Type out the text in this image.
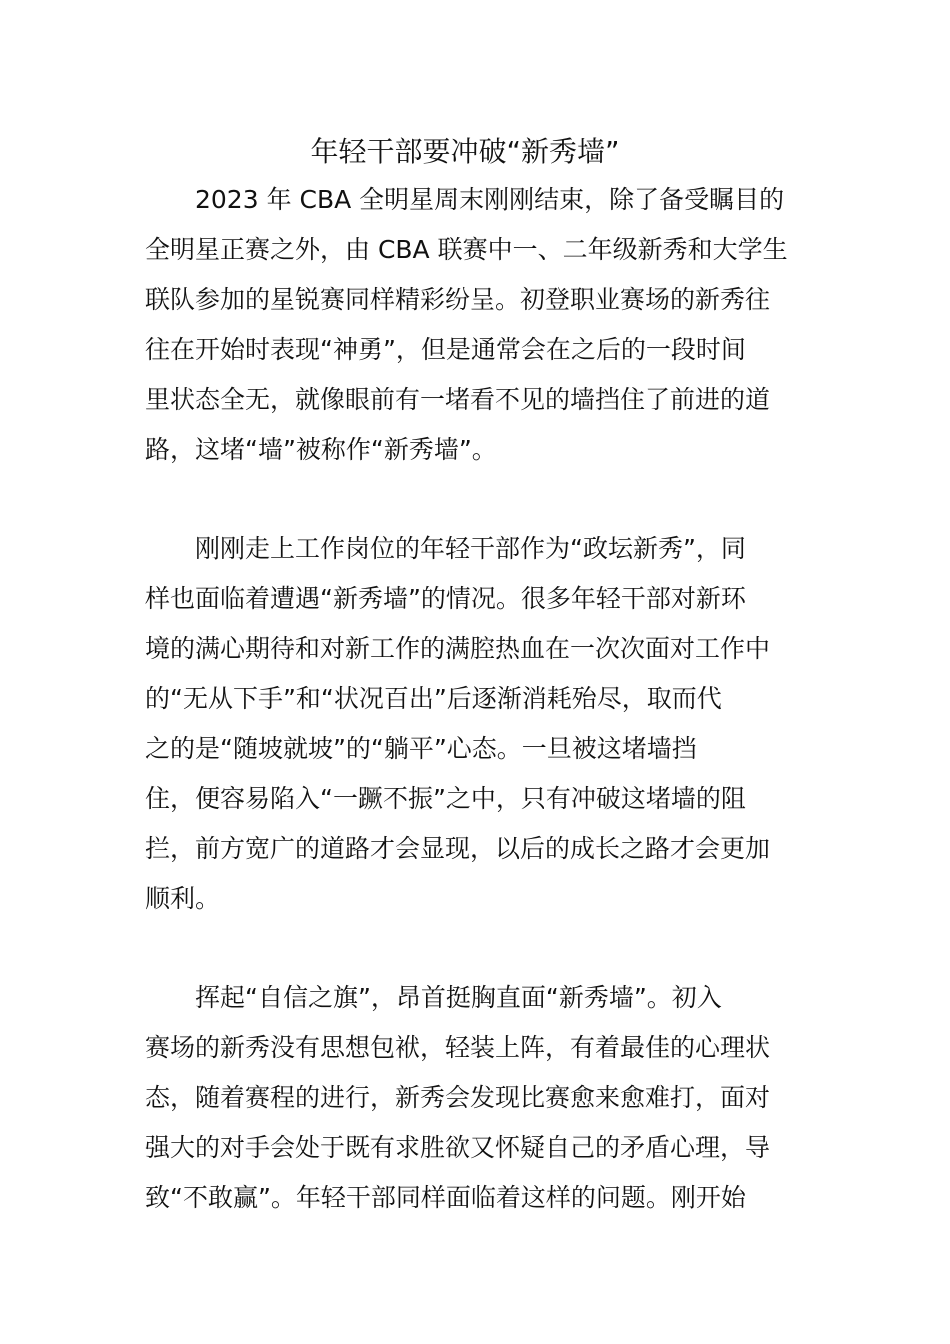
年轻干部要冲破“新秀墙”
2023 年 CBA 全明星周末刚刚结束，除了备受瞩目的
全明星正赛之外，由 CBA 联赛中一、二年级新秀和大学生
联队参加的星锐赛同样精彩纷呈。初登职业赛场的新秀往
往在开始时表现“神勇”，但是通常会在之后的一段时间
里状态全无，就像眼前有一堵看不见的墙挡住了前进的道
路，这堵“墙”被称作“新秀墙”。
刚刚走上工作岗位的年轻干部作为“政坛新秀”，同
样也面临着遭遇“新秀墙”的情况。很多年轻干部对新环
境的满心期待和对新工作的满腔热血在一次次面对工作中
的“无从下手”和“状况百出”后逐渐消耗殆尽，取而代
之的是“随坡就坡”的“躺平”心态。一旦被这堵墙挡
住，便容易陷入“一蹶不振”之中，只有冲破这堵墙的阻
拦，前方宽广的道路才会显现，以后的成长之路才会更加
顺利。
挥起“自信之旗”，昂首挺胸直面“新秀墙”。初入
赛场的新秀没有思想包袱，轻装上阵，有着最佳的心理状
态，随着赛程的进行，新秀会发现比赛愈来愈难打，面对
强大的对手会处于既有求胜欲又怀疑自己的矛盾心理，导
致“不敢赢”。年轻干部同样面临着这样的问题。刚开始
